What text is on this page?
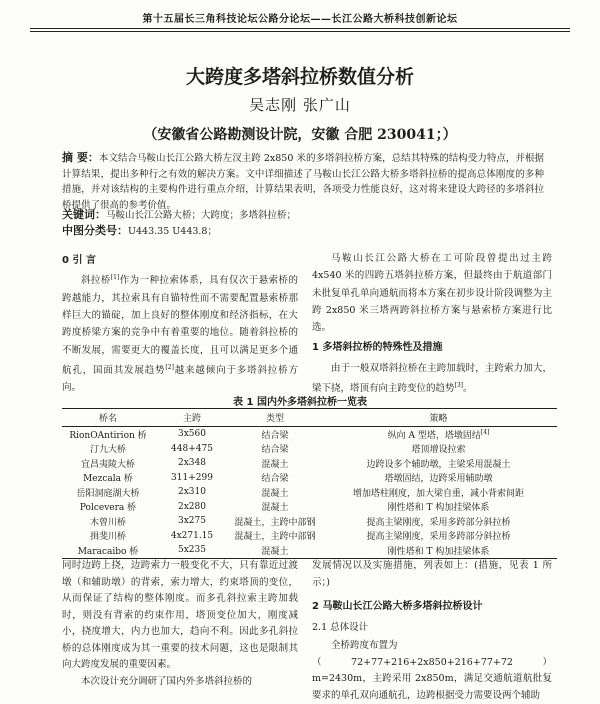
第十五届长三角科技论坛公路分论坛——长江公路大桥科技创新论坛
大跨度多塔斜拉桥数值分析
吴志刚 张广山
（安徽省公路勘测设计院，安徽 合肥 230041；）
摘 要：本文结合马鞍山长江公路大桥左汊主跨 2x850 米的多塔斜拉桥方案，总结其特殊的结构受力特点，并根据计算结果，提出多种行之有效的解决方案。文中详细描述了马鞍山长江公路大桥多塔斜拉桥的提高总体刚度的多种措施，并对该结构的主要构件进行重点介绍，计算结果表明，各项受力性能良好，这对将来建设大跨径的多塔斜拉桥提供了很高的参考价值。
关键词：马鞍山长江公路大桥；大跨度；多塔斜拉桥；
中图分类号：U443.35 U443.8；
0 引 言
斜拉桥[1]作为一种拉索体系，具有仅次于悬索桥的跨越能力，其拉索具有自锚特性而不需要配置悬索桥那样巨大的锚碇，加上良好的整体刚度和经济指标，在大跨度桥梁方案的竞争中有着重要的地位。随着斜拉桥的不断发展，需要更大的覆盖长度，且可以满足更多个通航孔，国面其发展趋势[2]越来越倾向于多塔斜拉桥方向。
马鞍山长江公路大桥在工可阶段曾提出过主跨 4x540 米的四跨五塔斜拉桥方案，但最终由于航道部门未批复单孔单向通航而将本方案在初步设计阶段调整为主跨 2x850 米三塔两跨斜拉桥方案与悬索桥方案进行比选。
1 多塔斜拉桥的特殊性及措施
由于一般双塔斜拉桥在主跨加载时，主跨索力加大，梁下挠，塔顶有向主跨变位的趋势[3]。
表 1 国内外多塔斜拉桥一览表
桥名	主跨	类型	策略
RionOAntirion 桥	3x560	结合梁	纵向 A 型塔，塔墩固结[4]
汀九大桥	448+475	结合梁	塔顶增设拉索
宜昌夷陵大桥	2x348	混凝土	边跨设多个辅助墩，主梁采用混凝土
Mezcala 桥	311+299	结合梁	塔墩固结，边跨采用辅助墩
岳阳洞庭湖大桥	2x310	混凝土	增加塔柱刚度，加大梁自重，减小背索间距
Polcevera 桥	2x280	混凝土	刚性塔和 T 构加挂梁体系
木曾川桥	3x275	混凝土，主跨中部钢	提高主梁刚度，采用多跨部分斜拉桥
揖斐川桥	4x271.15	混凝土，主跨中部钢	提高主梁刚度，采用多跨部分斜拉桥
Maracaibo 桥	5x235	混凝土	刚性塔和 T 构加挂梁体系
同时边跨上挠，边跨索力一般变化不大，只有靠近过渡墩（和辅助墩）的背索，索力增大，约束塔顶的变位，从而保证了结构的整体刚度。而多孔斜拉索主跨加载时，则没有背索的约束作用，塔顶变位加大，刚度减小，挠度增大，内力也加大，趋向不利。因此多孔斜拉桥的总体刚度成为其一重要的技术问题，这也是限制其向大跨度发展的重要因素。
本次设计充分调研了国内外多塔斜拉桥的
发展情况以及实施措施，列表如上：(措施，见表 1 所示；)
2 马鞍山长江公路大桥多塔斜拉桥设计
2.1 总体设计
全桥跨度布置为
（72+77+216+2x850+216+77+72）m=2430m，主跨采用 2x850m，满足交通航道航批复要求的单孔双向通航孔，边跨根据受力需要设两个辅助
